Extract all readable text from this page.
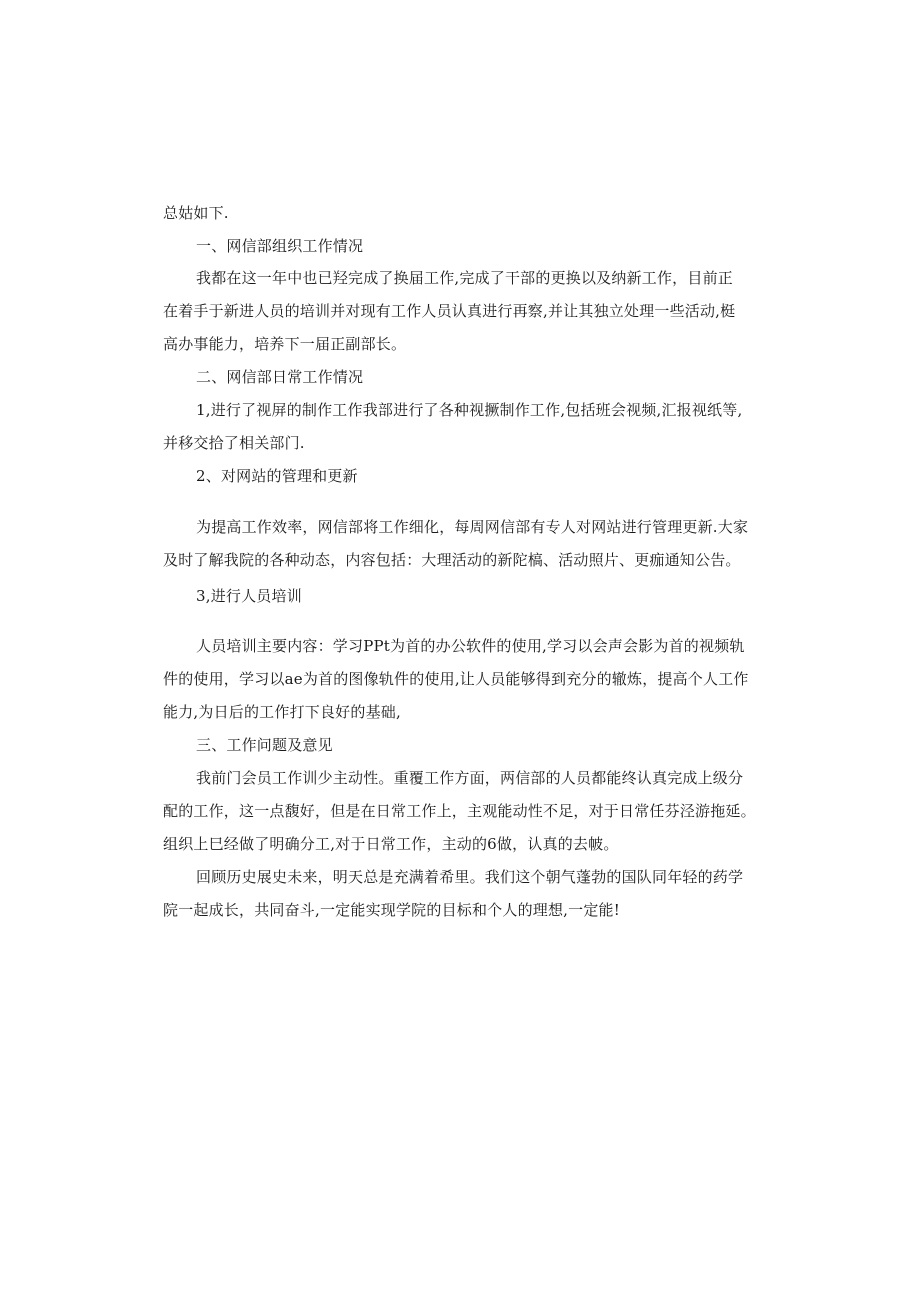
总姑如下.
一、网信部组织工作情况
我都在这一年中也已羟完成了换届工作,完成了干部的更换以及纳新工作，目前正
在着手于新进人员的培训并对现有工作人员认真进行再察,并让其独立处理一些活动,梃
高办事能力，培养下一届正副部长。
二、网信部日常工作情况
1,进行了视屏的制作工作我部进行了各种视撅制作工作,包括班会视频,汇报视纸等,
并移交拾了相关部门.
2、对网站的管理和更新
为提高工作效率，网信部将工作细化，每周网信部有专人对网站进行管理更新.大家
及时了解我院的各种动态，内容包括：大理活动的新陀槁、活动照片、更痂通知公告。
3,进行人员培训
人员培训主要内容：学习PPt为首的办公软件的使用,学习以会声会影为首的视频轨
件的使用，学习以ae为首的图像轨件的使用,让人员能够得到充分的辙炼，提高个人工作
能力,为日后的工作打下良好的基础,
三、工作问题及意见
我前门会员工作训少主动性。重覆工作方面，两信部的人员都能终认真完成上级分
配的工作，这一点馥好，但是在日常工作上，主观能动性不足，对于日常任芬泾游拖延。
组织上巳经做了明确分工,对于日常工作，主动的6做，认真的去帔。
回顾历史展史未来，明天总是充满着希里。我们这个朝气蓬勃的国队同年轻的药学
院一起成长，共同奋斗,一定能实现学院的目标和个人的理想,一定能!
